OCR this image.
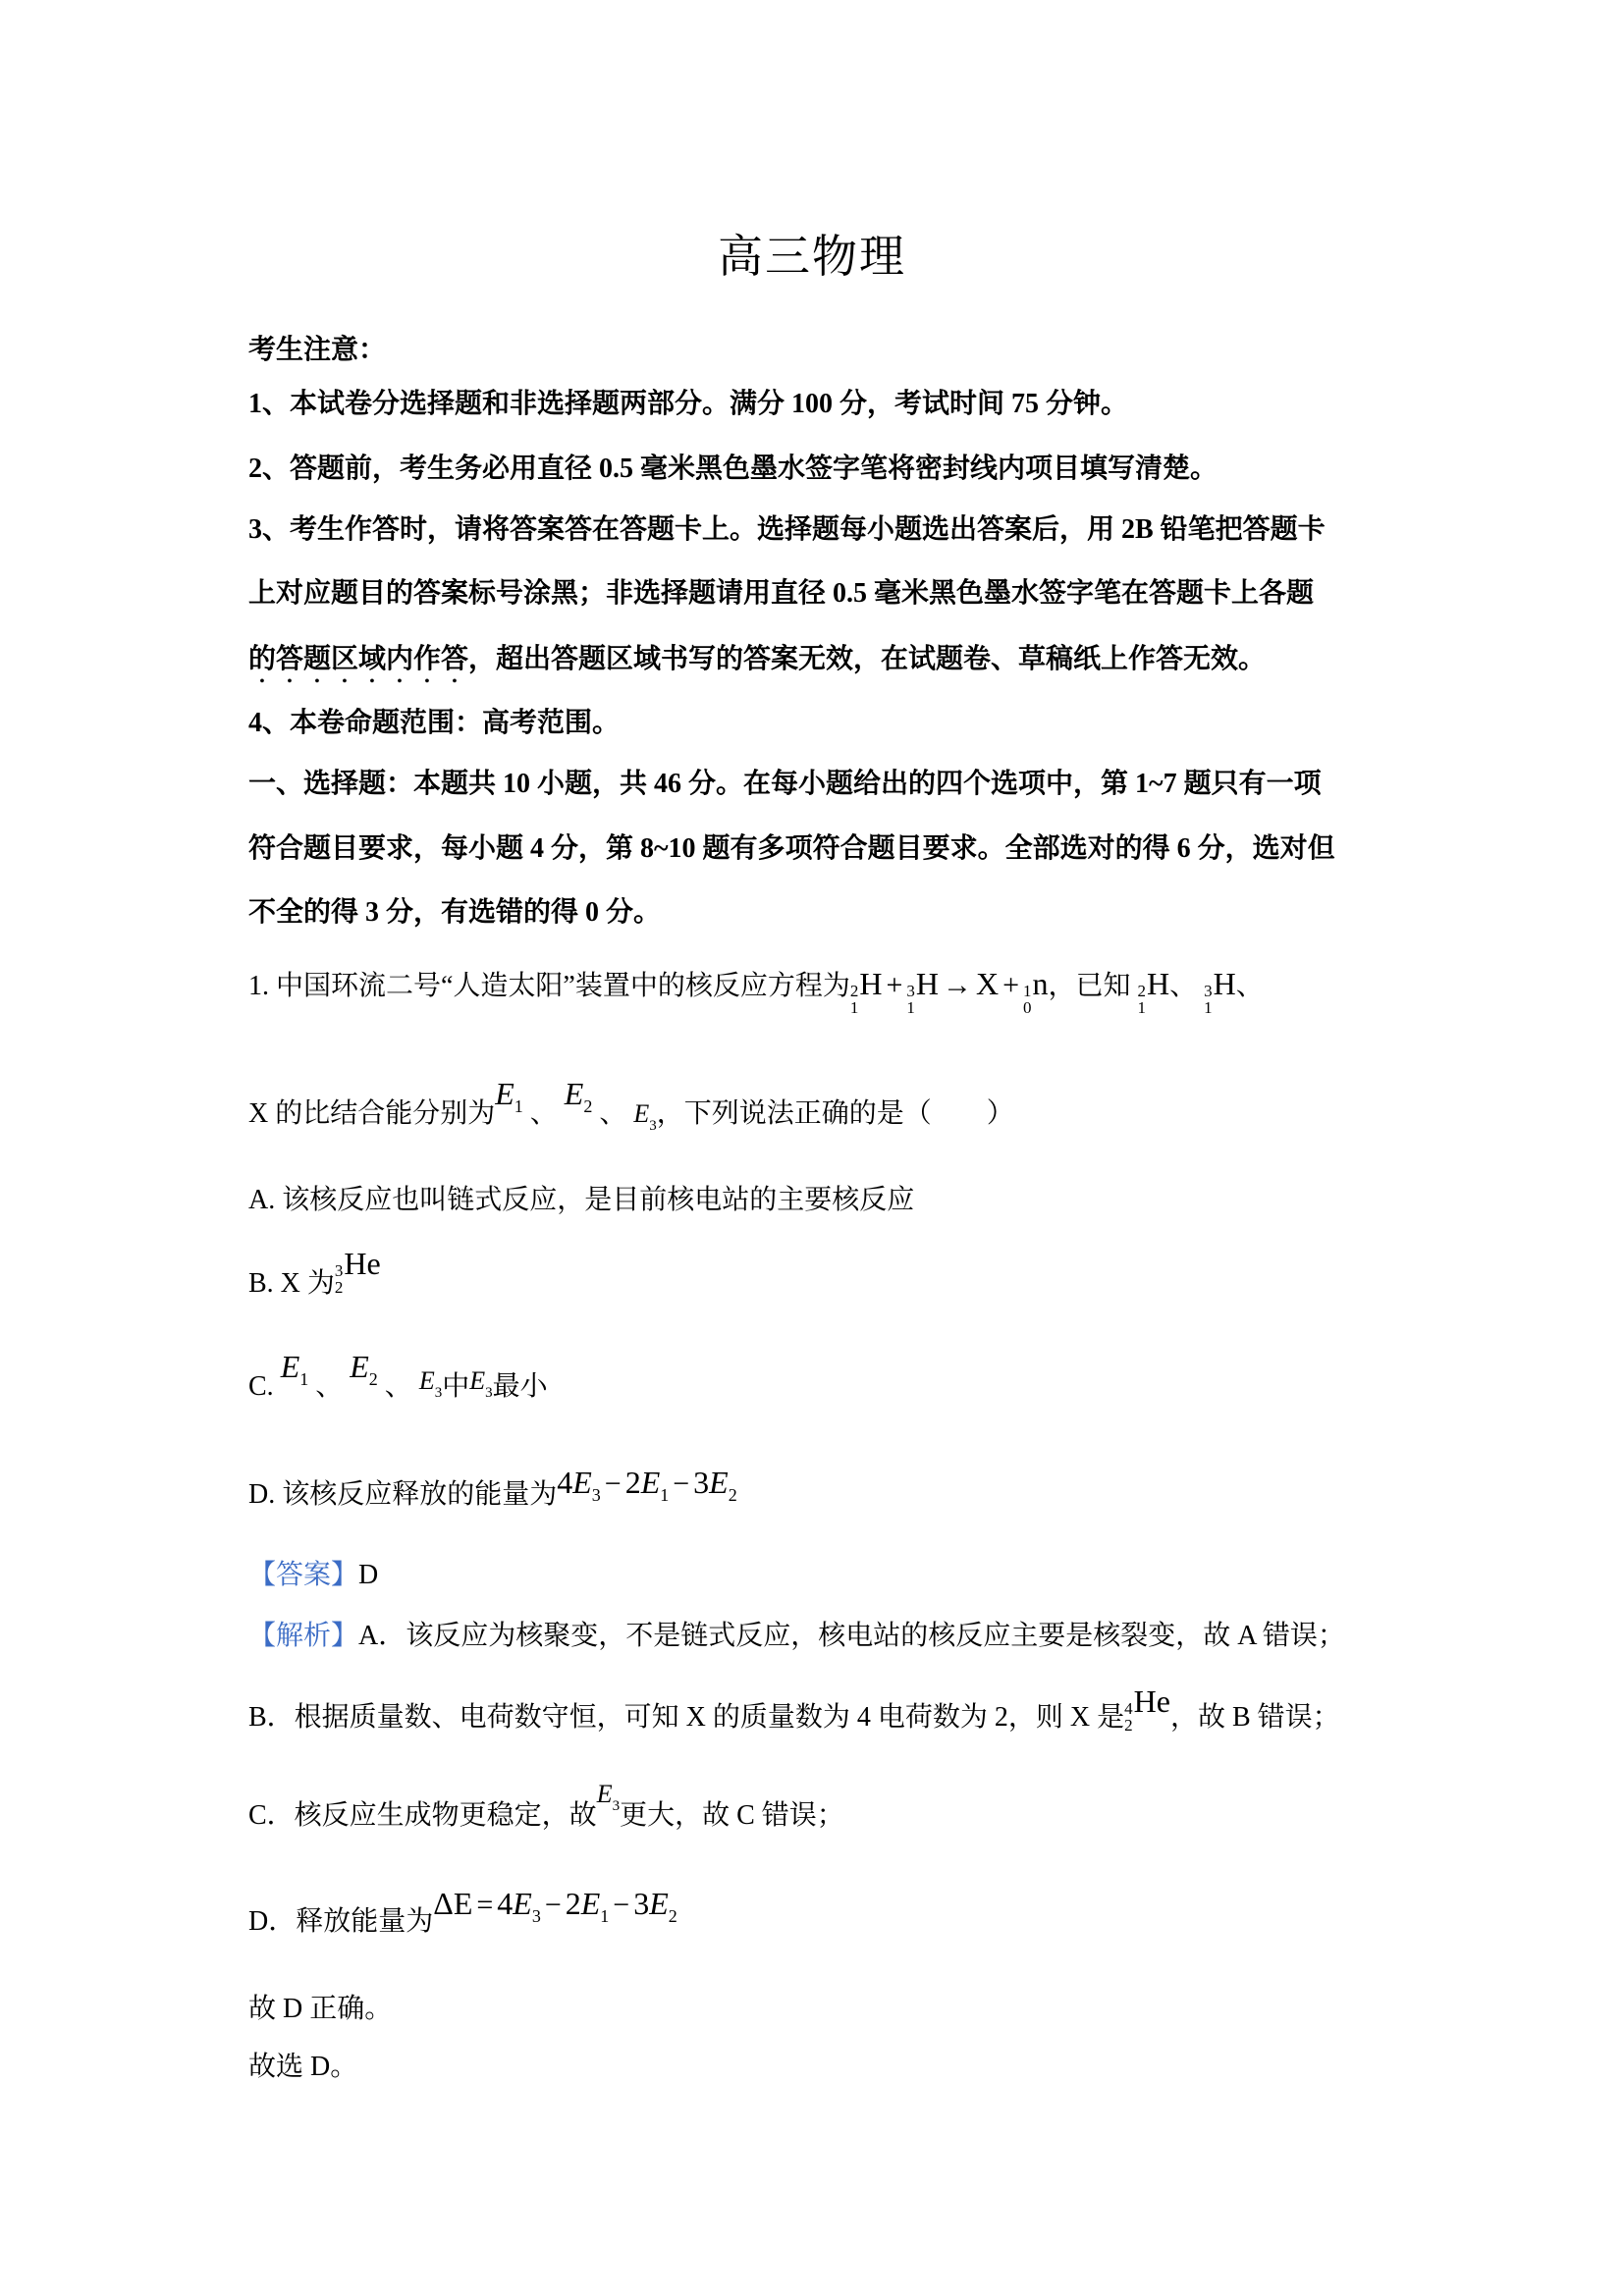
高三物理
考生注意：
1、本试卷分选择题和非选择题两部分。满分 100 分，考试时间 75 分钟。
2、答题前，考生务必用直径 0.5 毫米黑色墨水签字笔将密封线内项目填写清楚。
3、考生作答时，请将答案答在答题卡上。选择题每小题选出答案后，用 2B 铅笔把答题卡
上对应题目的答案标号涂黑；非选择题请用直径 0.5 毫米黑色墨水签字笔在答题卡上各题
的答题区域内作答，超出答题区域书写的答案无效，在试题卷、草稿纸上作答无效。
4、本卷命题范围：高考范围。
一、选择题：本题共 10 小题，共 46 分。在每小题给出的四个选项中，第 1~7 题只有一项
符合题目要求，每小题 4 分，第 8~10 题有多项符合题目要求。全部选对的得 6 分，选对但
不全的得 3 分，有选错的得 0 分。
1. 中国环流二号“人造太阳”装置中的核反应方程为 2
1
H + 3
1
H → X + 1
0
n，已知 2
1
H、 3
1
H、
X 的比结合能分别为$E_1$ 、 $E_2$ 、 $E_3$，下列说法正确的是（　　）
A. 该核反应也叫链式反应，是目前核电站的主要核反应
B. X 为 3
2
He
C. $E_1$ 、 $E_2$ 、 $E_3$中$E_3$最小
D. 该核反应释放的能量为$4E_3 - 2E_1 - 3E_2$
【答案】D
【解析】A．该反应为核聚变，不是链式反应，核电站的核反应主要是核裂变，故 A 错误；
B．根据质量数、电荷数守恒，可知 X 的质量数为 4 电荷数为 2，则 X 是 4
2
He，故 B 错误；
C．核反应生成物更稳定，故$E_3$更大，故 C 错误；
D．释放能量为$\Delta E = 4E_3 - 2E_1 - 3E_2$
故 D 正确。
故选 D。
